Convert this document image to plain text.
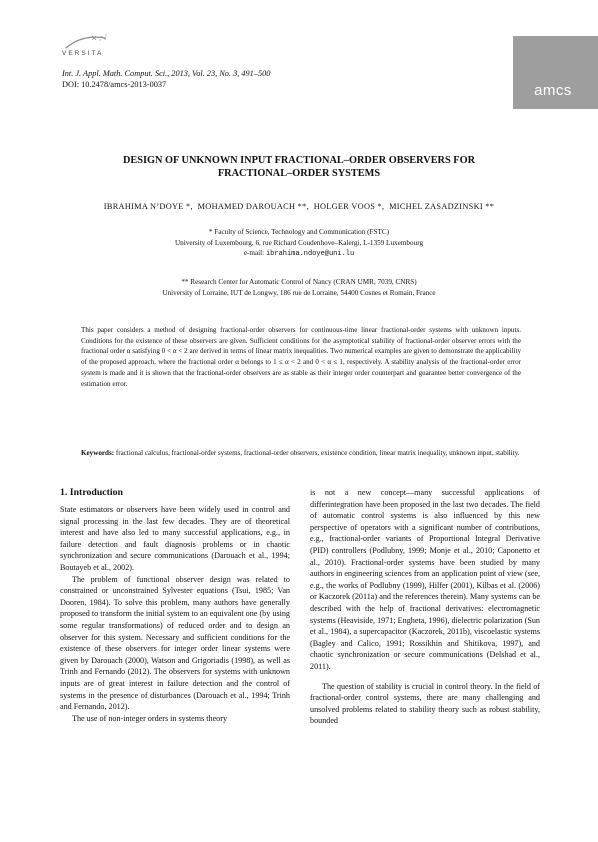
VERSITA
Int. J. Appl. Math. Comput. Sci., 2013, Vol. 23, No. 3, 491–500
DOI: 10.2478/amcs-2013-0037	amcs
DESIGN OF UNKNOWN INPUT FRACTIONAL–ORDER OBSERVERS FOR
FRACTIONAL–ORDER SYSTEMS
IBRAHIMA N’DOYE *,  MOHAMED DAROUACH **,  HOLGER VOOS *,  MICHEL ZASADZINSKI **
* Faculty of Science, Technology and Communication (FSTC)
University of Luxembourg, 6, rue Richard Coudenhove–Kalergi, L-1359 Luxembourg
e-mail: ibrahima.ndoye@uni.lu
** Research Center for Automatic Control of Nancy (CRAN UMR, 7039, CNRS)
University of Lorraine, IUT de Longwy, 186 rue de Lorraine, 54400 Cosnes et Romain, France
This paper considers a method of designing fractional-order observers for continuous-time linear fractional-order systems with unknown inputs. Conditions for the existence of these observers are given. Sufficient conditions for the asymptotical stability of fractional-order observer errors with the fractional order α satisfying 0 < α < 2 are derived in terms of linear matrix inequalities. Two numerical examples are given to demonstrate the applicability of the proposed approach, where the fractional order α belongs to 1 ≤ α < 2 and 0 < α ≤ 1, respectively. A stability analysis of the fractional-order error system is made and it is shown that the fractional-order observers are as stable as their integer order counterpart and guarantee better convergence of the estimation error.
Keywords: fractional calculus, fractional-order systems, fractional-order observers, existence condition, linear matrix inequality, unknown input, stability.
1. Introduction

State estimators or observers have been widely used in control and signal processing in the last few decades. They are of theoretical interest and have also led to many successful applications, e.g., in failure detection and fault diagnosis problems or in chaotic synchronization and secure communications (Darouach et al., 1994; Boutayeb et al., 2002).

The problem of functional observer design was related to constrained or unconstrained Sylvester equations (Tsui, 1985; Van Dooren, 1984). To solve this problem, many authors have generally proposed to transform the initial system to an equivalent one (by using some regular transformations) of reduced order and to design an observer for this system. Necessary and sufficient conditions for the existence of these observers for integer order linear systems were given by Darouach (2000), Watson and Grigoriadis (1998), as well as Trinh and Fernando (2012). The observers for systems with unknown inputs are of great interest in failure detection and the control of systems in the presence of disturbances (Darouach et al., 1994; Trinh and Fernando, 2012).

The use of non-integer orders in systems theory

is not a new concept—many successful applications of differintegration have been proposed in the last two decades. The field of automatic control systems is also influenced by this new perspective of operators with a significant number of contributions, e.g., fractional-order variants of Proportional Integral Derivative (PID) controllers (Podlubny, 1999; Monje et al., 2010; Caponetto et al., 2010). Fractional-order systems have been studied by many authors in engineering sciences from an application point of view (see, e.g., the works of Podlubny (1999), Hilfer (2001), Kilbas et al. (2006) or Kaczorek (2011a) and the references therein). Many systems can be described with the help of fractional derivatives: electromagnetic systems (Heaviside, 1971; Engheta, 1996), dielectric polarization (Sun et al., 1984), a supercapacitor (Kaczorek, 2011b), viscoelastic systems (Bagley and Calico, 1991; Rossikhin and Shitikova, 1997), and chaotic synchronization or secure communications (Delshad et al., 2011).

The question of stability is crucial in control theory. In the field of fractional-order control systems, there are many challenging and unsolved problems related to stability theory such as robust stability, bounded
